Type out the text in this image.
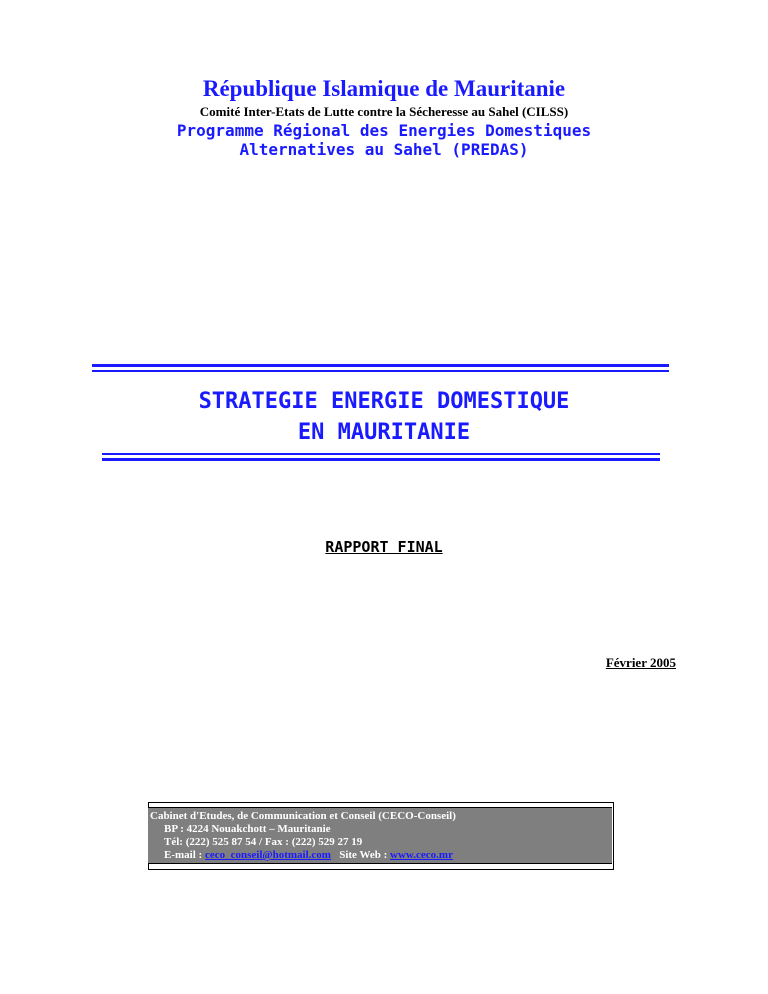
République Islamique de Mauritanie
Comité Inter-Etats de Lutte contre la Sécheresse au Sahel (CILSS)
Programme Régional des Energies Domestiques
Alternatives au Sahel (PREDAS)
STRATEGIE ENERGIE DOMESTIQUE
EN MAURITANIE
RAPPORT FINAL
Février 2005
Cabinet d'Etudes, de Communication et Conseil (CECO-Conseil)
BP : 4224 Nouakchott – Mauritanie
Tél: (222) 525 87 54 / Fax : (222) 529 27 19
E-mail : ceco_conseil@hotmail.com Site Web : www.ceco.mr
